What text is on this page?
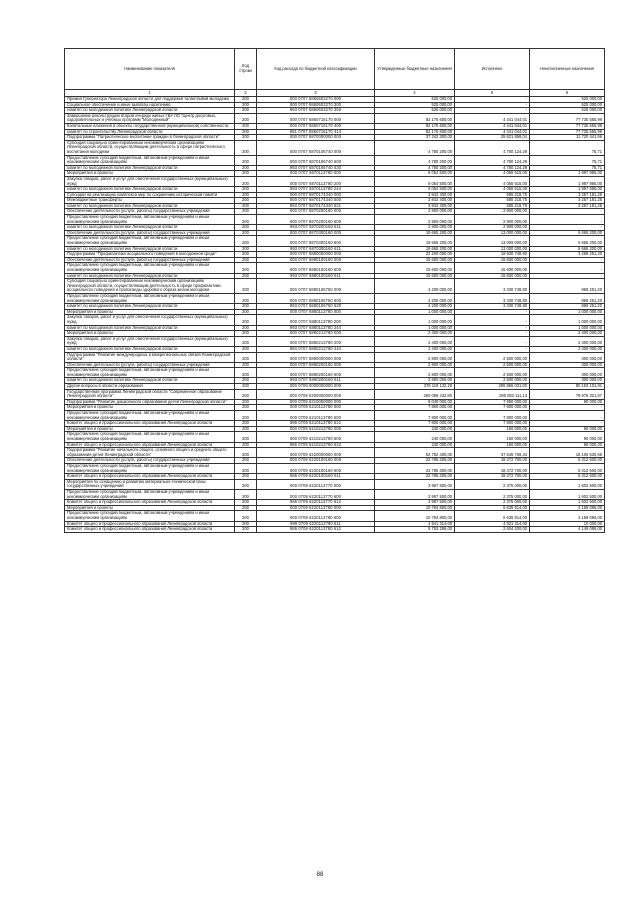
Наименование показателя	Код строки	Код расхода по бюджетной классификации	Утвержденные бюджетные назначения	Исполнено	Неисполненные назначения
1	2	3	4	5	6
Премия Губернатора Ленинградской области для поддержки талантливой молодежи	200	000 0707 6860603270 000	525 000,00	-	525 000,00
Социальное обеспечение и иные выплаты населению	200	000 0707 6860603270 300	525 000,00	-	525 000,00
комитет по молодежной политике Ленинградской области	200	993 0707 6860603270 350	525 000,00	-	525 000,00
Завершение реконструкции второй очереди жилых ГБУ ЛО "Центр досуговых, оздоровительных и учебных программ "Молодежный"	200	000 0707 6860716170 000	82 176 600,00	4 441 044,01	77 735 555,99
Капитальные вложения в объекты государственной (муниципальной) собственности	200	000 0707 6860716170 400	82 176 600,00	4 441 044,01	77 735 555,99
комитет по строительству Ленинградской области	200	981 0707 6860716170 414	82 176 600,00	4 441 044,01	77 735 555,99
Подпрограмма "Патриотическое воспитание граждан в Ленинградской области"	200	000 0707 6870000000 000	37 342 300,00	25 621 858,04	11 720 441,96
Субсидия социально ориентированным некоммерческим организациям Ленинградской области, осуществляющим деятельность в сфере патриотического воспитания молодежи	200	000 0707 6870106740 000	4 780 200,00	4 780 124,29	75,71
Предоставление субсидий бюджетным, автономным учреждениям и иным некоммерческим организациям	200	000 0707 6870106740 600	4 780 200,00	4 780 124,29	75,71
комитет по молодежной политике Ленинградской области	200	993 0707 6870106740 630	4 780 200,00	4 780 124,29	75,71
Мероприятия и проекты	200	000 0707 6870113780 000	6 054 500,00	4 056 515,00	1 997 985,00
Закупка товаров, работ и услуг для обеспечения государственных (муниципальных) нужд	200	000 0707 6870113780 200	6 054 500,00	4 056 515,00	1 997 985,00
комитет по молодежной политике Ленинградской области	200	993 0707 6870113780 244	6 054 500,00	4 056 515,00	1 997 985,00
Субсидии на реализацию комплекса мер по сохранению исторической памяти	200	000 0707 6870174340 000	3 842 400,00	585 218,75	3 257 181,25
Межбюджетные трансферты	200	000 0707 6870174340 500	3 842 400,00	585 218,75	3 257 181,25
комитет по молодежной политике Ленинградской области	200	993 0707 6870174340 521	3 842 400,00	585 218,75	3 257 181,25
Обеспечение деятельности (услуги, работы) государственных учреждений	200	000 0707 6870200160 000	2 900 000,00	2 900 000,00	-
Предоставление субсидий бюджетным, автономным учреждениям и иным некоммерческим организациям	200	000 0707 6870200160 600	2 900 000,00	2 900 000,00	-
комитет по молодежной политике Ленинградской области	200	993 0707 6870200160 611	2 900 000,00	2 900 000,00	-
Обеспечение деятельности (услуги, работы) государственных учреждений	200	000 0707 6870300160 000	19 665 200,00	13 000 000,00	6 665 200,00
Предоставление субсидий бюджетным, автономным учреждениям и иным некоммерческим организациям	200	000 0707 6870300160 600	19 665 200,00	13 000 000,00	6 665 200,00
комитет по молодежной политике Ленинградской области	200	993 0707 6870300160 611	19 665 200,00	13 000 000,00	6 665 200,00
Подпрограмма "Профилактика асоциального поведения в молодежной среде"	200	000 0707 6880000000 000	23 200 000,00	19 930 748,80	3 269 251,20
Обеспечение деятельности (услуги, работы) государственных учреждений	200	000 0707 6880100160 000	15 600 000,00	15 600 000,00	-
Предоставление субсидий бюджетным, автономным учреждениям и иным некоммерческим организациям	200	000 0707 6880100160 600	15 600 000,00	15 600 000,00	-
комитет по молодежной политике Ленинградской области	200	993 0707 6880100160 611	15 600 000,00	15 600 000,00	-
Субсидия социально ориентированным некоммерческим организациям Ленинградской области, осуществляющим деятельность в сфере профилактики асоциального поведения и пропаганды здорового образа жизни молодежи	200	000 0707 6880106750 000	4 200 000,00	3 330 748,80	869 251,20
Предоставление субсидий бюджетным, автономным учреждениям и иным некоммерческим организациям	200	000 0707 6880106750 600	4 200 000,00	3 330 748,80	869 251,20
комитет по молодежной политике Ленинградской области	200	993 0707 6880106750 630	4 200 000,00	3 330 748,80	869 251,20
Мероприятия и проекты	200	000 0707 6880113780 000	1 000 000,00	-	1 000 000,00
Закупка товаров, работ и услуг для обеспечения государственных (муниципальных) нужд	200	000 0707 6880113780 200	1 000 000,00	-	1 000 000,00
комитет по молодежной политике Ленинградской области	200	993 0707 6880113780 244	1 000 000,00	-	1 000 000,00
Мероприятия и проекты	200	000 0707 6880213780 000	2 400 000,00	-	2 400 000,00
Закупка товаров, работ и услуг для обеспечения государственных (муниципальных) нужд	200	000 0707 6880213780 200	2 400 000,00	-	2 400 000,00
комитет по молодежной политике Ленинградской области	200	993 0707 6880213780 244	2 400 000,00	-	2 400 000,00
Подпрограмма "Развитие международных и межрегиональных связей Ленинградской области"	200	000 0707 6890000000 000	2 800 000,00	2 500 000,00	300 000,00
Обеспечение деятельности (услуги, работы) государственных учреждений	200	000 0707 6890200160 000	2 800 000,00	2 500 000,00	300 000,00
Предоставление субсидий бюджетным, автономным учреждениям и иным некоммерческим организациям	200	000 0707 6890200160 600	2 800 000,00	2 500 000,00	300 000,00
комитет по молодежной политике Ленинградской области	200	993 0707 6890200160 611	2 800 000,00	2 500 000,00	300 000,00
Другие вопросы в области образования	200	000 0709 0000000000 000	376 119 132,20	295 956 031,00	80 163 101,91
Государственная программа Ленинградской области "Современное образование Ленинградской области"	200	000 0709 6200000000 000	360 059 432,80	280 083 111,13	79 976 321,67
Подпрограмма "Развитие дошкольного образования детей Ленинградской области"	200	000 0709 6210000000 000	8 040 000,00	7 950 000,00	90 000,00
Мероприятия и проекты	200	000 0709 6210113780 000	7 800 000,00	7 800 000,00	-
Предоставление субсидий бюджетным, автономным учреждениям и иным некоммерческим организациям	200	000 0709 6210113780 600	7 800 000,00	7 800 000,00	-
Комитет общего и профессионального образования Ленинградской области	200	986 0709 6210113780 612	7 800 000,00	7 800 000,00	-
Мероприятия и проекты	200	000 0709 6210213780 000	240 000,00	150 000,00	90 000,00
Предоставление субсидий бюджетным, автономным учреждениям и иным некоммерческим организациям	200	000 0709 6210213780 600	240 000,00	150 000,00	90 000,00
Комитет общего и профессионального образования Ленинградской области	200	986 0709 6210213780 622	240 000,00	150 000,00	90 000,00
Подпрограмма "Развитие начального общего, основного общего и среднего общего образования детей Ленинградской области"	200	000 0709 6220000000 000	52 752 400,00	37 645 769,34	15 106 630,66
Обеспечение деятельности (услуги, работы) государственных учреждений	200	000 0709 6220100160 000	23 785 300,00	18 472 700,00	5 312 600,00
Предоставление субсидий бюджетным, автономным учреждениям и иным некоммерческим организациям	200	000 0709 6220100160 600	23 785 300,00	18 472 700,00	5 312 600,00
Комитет общего и профессионального образования Ленинградской области	200	986 0709 6220100160 611	23 785 300,00	18 472 700,00	5 312 600,00
Мероприятия по оснащению и развитию материально-технической базы государственных учреждений	200	000 0709 6220113770 000	3 987 500,00	2 375 000,00	1 602 500,00
Предоставление субсидий бюджетным, автономным учреждениям и иным некоммерческим организациям	200	000 0709 6220113770 600	3 987 500,00	2 375 000,00	1 602 500,00
Комитет общего и профессионального образования Ленинградской области	200	986 0709 6220113770 612	3 987 500,00	2 375 000,00	1 602 500,00
Мероприятия и проекты	200	000 0709 6220113780 000	10 794 800,00	6 635 514,00	4 159 086,00
Предоставление субсидий бюджетным, автономным учреждениям и иным некоммерческим организациям	200	000 0709 6220113780 600	10 794 800,00	6 635 514,00	4 159 086,00
Комитет общего и профессионального образования Ленинградской области	200	986 0709 6220113780 611	4 941 314,00	4 931 314,00	10 000,00
Комитет общего и профессионального образования Ленинградской области	200	986 0709 6220113780 612	5 753 286,00	2 604 200,00	4 149 086,00
88
